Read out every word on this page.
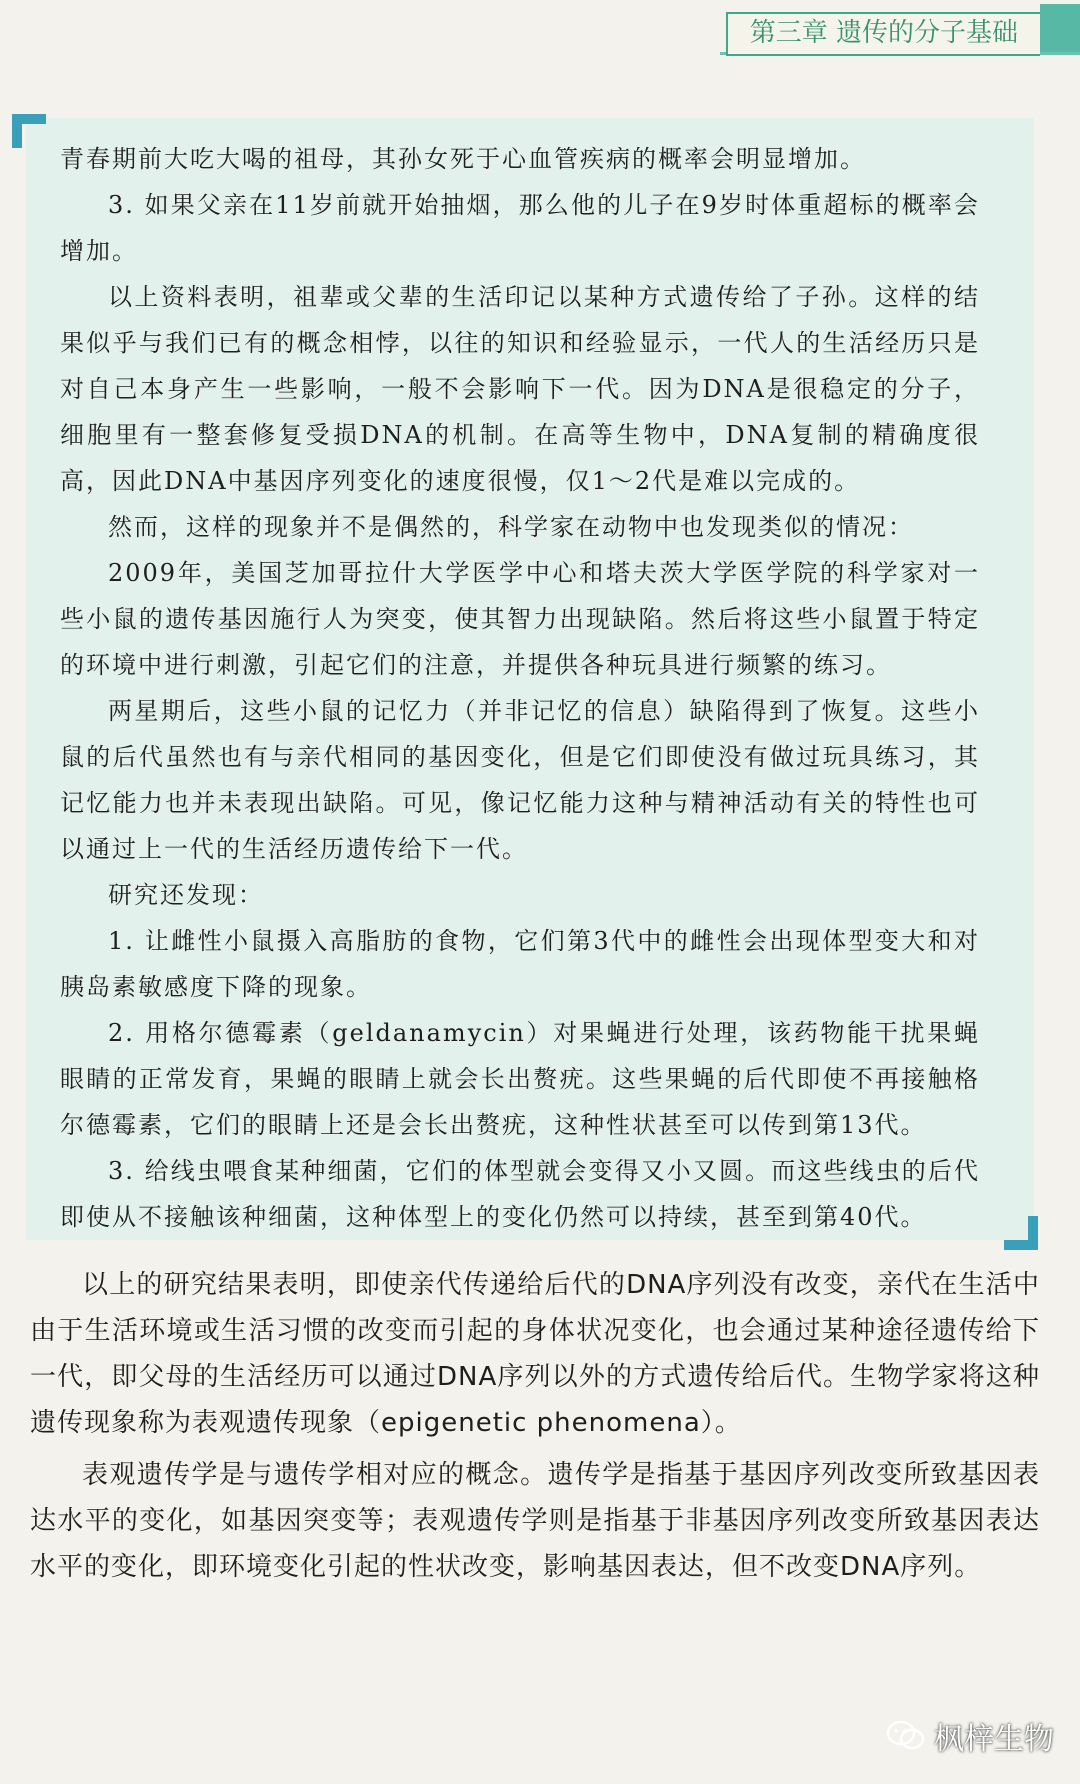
第三章 遗传的分子基础

青春期前大吃大喝的祖母，其孙女死于心血管疾病的概率会明显增加。

3. 如果父亲在11岁前就开始抽烟，那么他的儿子在9岁时体重超标的概率会增加。

以上资料表明，祖辈或父辈的生活印记以某种方式遗传给了子孙。这样的结果似乎与我们已有的概念相悖，以往的知识和经验显示，一代人的生活经历只是对自己本身产生一些影响，一般不会影响下一代。因为DNA是很稳定的分子，细胞里有一整套修复受损DNA的机制。在高等生物中，DNA复制的精确度很高，因此DNA中基因序列变化的速度很慢，仅1～2代是难以完成的。

然而，这样的现象并不是偶然的，科学家在动物中也发现类似的情况：

2009年，美国芝加哥拉什大学医学中心和塔夫茨大学医学院的科学家对一些小鼠的遗传基因施行人为突变，使其智力出现缺陷。然后将这些小鼠置于特定的环境中进行刺激，引起它们的注意，并提供各种玩具进行频繁的练习。

两星期后，这些小鼠的记忆力（并非记忆的信息）缺陷得到了恢复。这些小鼠的后代虽然也有与亲代相同的基因变化，但是它们即使没有做过玩具练习，其记忆能力也并未表现出缺陷。可见，像记忆能力这种与精神活动有关的特性也可以通过上一代的生活经历遗传给下一代。

研究还发现：

1. 让雌性小鼠摄入高脂肪的食物，它们第3代中的雌性会出现体型变大和对胰岛素敏感度下降的现象。

2. 用格尔德霉素（geldanamycin）对果蝇进行处理，该药物能干扰果蝇眼睛的正常发育，果蝇的眼睛上就会长出赘疣。这些果蝇的后代即使不再接触格尔德霉素，它们的眼睛上还是会长出赘疣，这种性状甚至可以传到第13代。

3. 给线虫喂食某种细菌，它们的体型就会变得又小又圆。而这些线虫的后代即使从不接触该种细菌，这种体型上的变化仍然可以持续，甚至到第40代。

以上的研究结果表明，即使亲代传递给后代的DNA序列没有改变，亲代在生活中由于生活环境或生活习惯的改变而引起的身体状况变化，也会通过某种途径遗传给下一代，即父母的生活经历可以通过DNA序列以外的方式遗传给后代。生物学家将这种遗传现象称为表观遗传现象（epigenetic phenomena）。

表观遗传学是与遗传学相对应的概念。遗传学是指基于基因序列改变所致基因表达水平的变化，如基因突变等；表观遗传学则是指基于非基因序列改变所致基因表达水平的变化，即环境变化引起的性状改变，影响基因表达，但不改变DNA序列。

枫梓生物
